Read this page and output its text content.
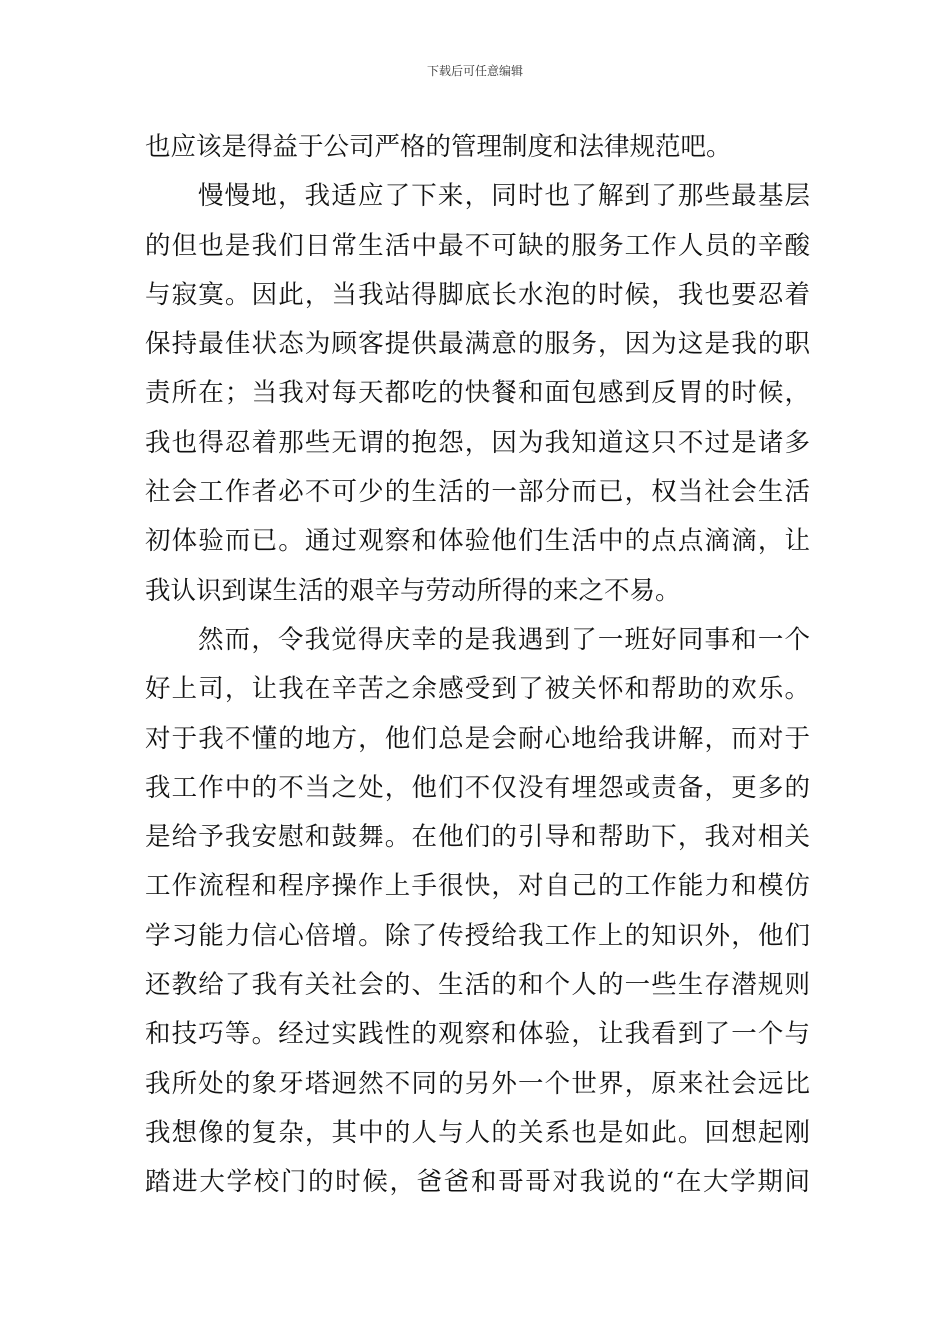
下载后可任意编辑
也应该是得益于公司严格的管理制度和法律规范吧。
慢慢地，我适应了下来，同时也了解到了那些最基层
的但也是我们日常生活中最不可缺的服务工作人员的辛酸
与寂寞。因此，当我站得脚底长水泡的时候，我也要忍着
保持最佳状态为顾客提供最满意的服务，因为这是我的职
责所在；当我对每天都吃的快餐和面包感到反胃的时候，
我也得忍着那些无谓的抱怨，因为我知道这只不过是诸多
社会工作者必不可少的生活的一部分而已，权当社会生活
初体验而已。通过观察和体验他们生活中的点点滴滴，让
我认识到谋生活的艰辛与劳动所得的来之不易。
然而，令我觉得庆幸的是我遇到了一班好同事和一个
好上司，让我在辛苦之余感受到了被关怀和帮助的欢乐。
对于我不懂的地方，他们总是会耐心地给我讲解，而对于
我工作中的不当之处，他们不仅没有埋怨或责备，更多的
是给予我安慰和鼓舞。在他们的引导和帮助下，我对相关
工作流程和程序操作上手很快，对自己的工作能力和模仿
学习能力信心倍增。除了传授给我工作上的知识外，他们
还教给了我有关社会的、生活的和个人的一些生存潜规则
和技巧等。经过实践性的观察和体验，让我看到了一个与
我所处的象牙塔迥然不同的另外一个世界，原来社会远比
我想像的复杂，其中的人与人的关系也是如此。回想起刚
踏进大学校门的时候，爸爸和哥哥对我说的“在大学期间
